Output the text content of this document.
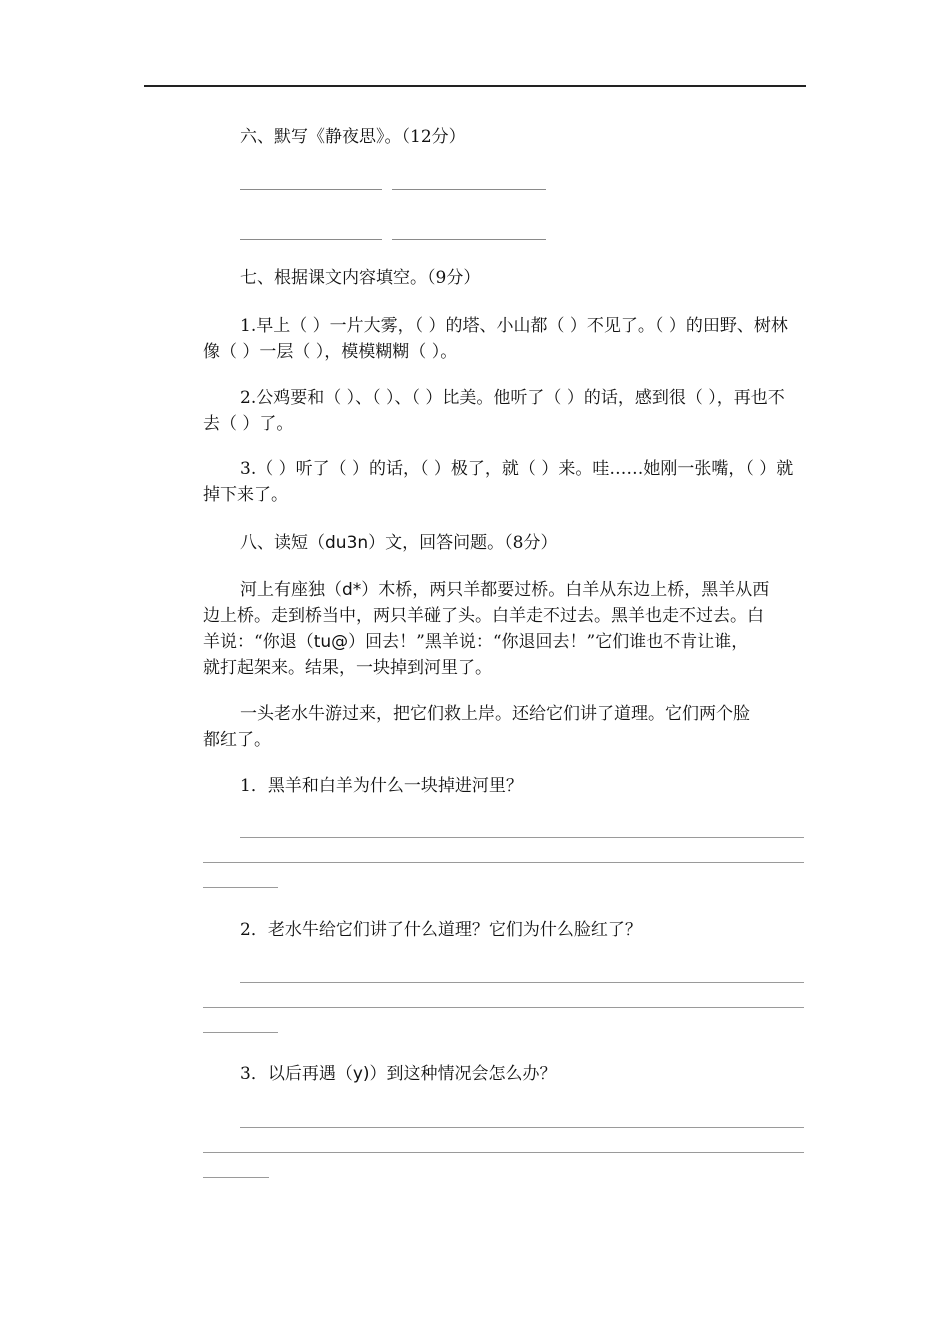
六、默写《静夜思》。（12分）
七、根据课文内容填空。（9分）
1.早上（ ）一片大雾，（ ）的塔、小山都（ ）不见了。（ ）的田野、树林
像（ ）一层（ ），模模糊糊（ ）。
2.公鸡要和（ ）、（ ）、（ ）比美。他听了（ ）的话，感到很（ ），再也不
去（ ）了。
3.（ ）听了（ ）的话，（ ）极了，就（ ）来。哇……她刚一张嘴，（ ）就
掉下来了。
八、读短（du3n）文，回答问题。（8分）
河上有座独（d*）木桥，两只羊都要过桥。白羊从东边上桥，黑羊从西
边上桥。走到桥当中，两只羊碰了头。白羊走不过去。黑羊也走不过去。白
羊说：“你退（tu@）回去！”黑羊说：“你退回去！”它们谁也不肯让谁，
就打起架来。结果，一块掉到河里了。
一头老水牛游过来，把它们救上岸。还给它们讲了道理。它们两个脸
都红了。
1．黑羊和白羊为什么一块掉进河里？
2．老水牛给它们讲了什么道理？它们为什么脸红了？
3．以后再遇（y)）到这种情况会怎么办？
